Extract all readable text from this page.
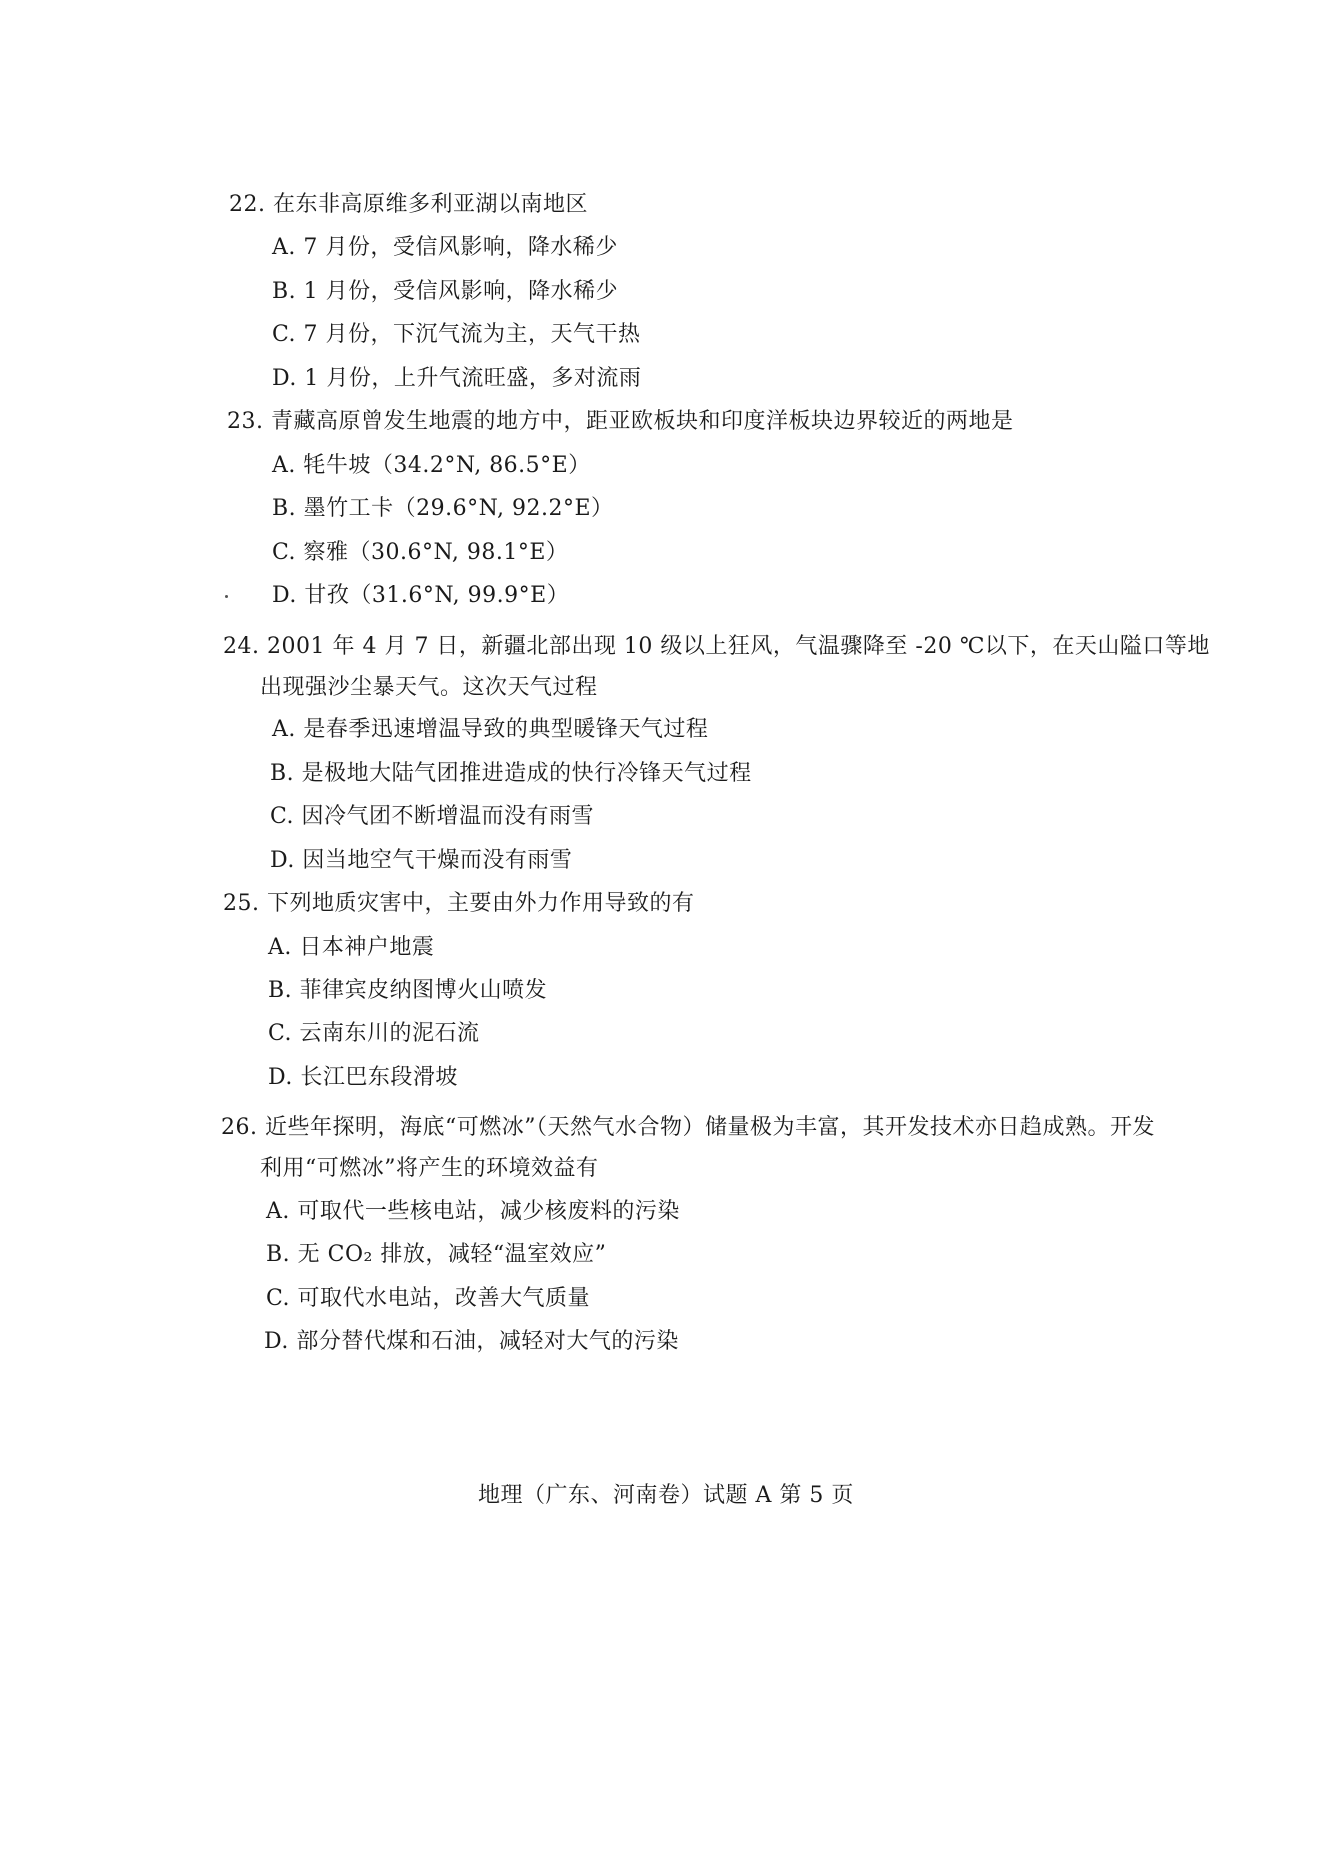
22. 在东非高原维多利亚湖以南地区
A. 7 月份，受信风影响，降水稀少
B. 1 月份，受信风影响，降水稀少
C. 7 月份，下沉气流为主，天气干热
D. 1 月份，上升气流旺盛，多对流雨
23. 青藏高原曾发生地震的地方中，距亚欧板块和印度洋板块边界较近的两地是
A. 牦牛坡（34.2°N, 86.5°E）
B. 墨竹工卡（29.6°N, 92.2°E）
C. 察雅（30.6°N, 98.1°E）
D. 甘孜（31.6°N, 99.9°E）
24. 2001 年 4 月 7 日，新疆北部出现 10 级以上狂风，气温骤降至 -20 ℃以下，在天山隘口等地
出现强沙尘暴天气。这次天气过程
A. 是春季迅速增温导致的典型暖锋天气过程
B. 是极地大陆气团推进造成的快行冷锋天气过程
C. 因冷气团不断增温而没有雨雪
D. 因当地空气干燥而没有雨雪
25. 下列地质灾害中，主要由外力作用导致的有
A. 日本神户地震
B. 菲律宾皮纳图博火山喷发
C. 云南东川的泥石流
D. 长江巴东段滑坡
26. 近些年探明，海底“可燃冰”（天然气水合物）储量极为丰富，其开发技术亦日趋成熟。开发
利用“可燃冰”将产生的环境效益有
A. 可取代一些核电站，减少核废料的污染
B. 无 CO₂ 排放，减轻“温室效应”
C. 可取代水电站，改善大气质量
D. 部分替代煤和石油，减轻对大气的污染
地理（广东、河南卷）试题 A 第 5 页
